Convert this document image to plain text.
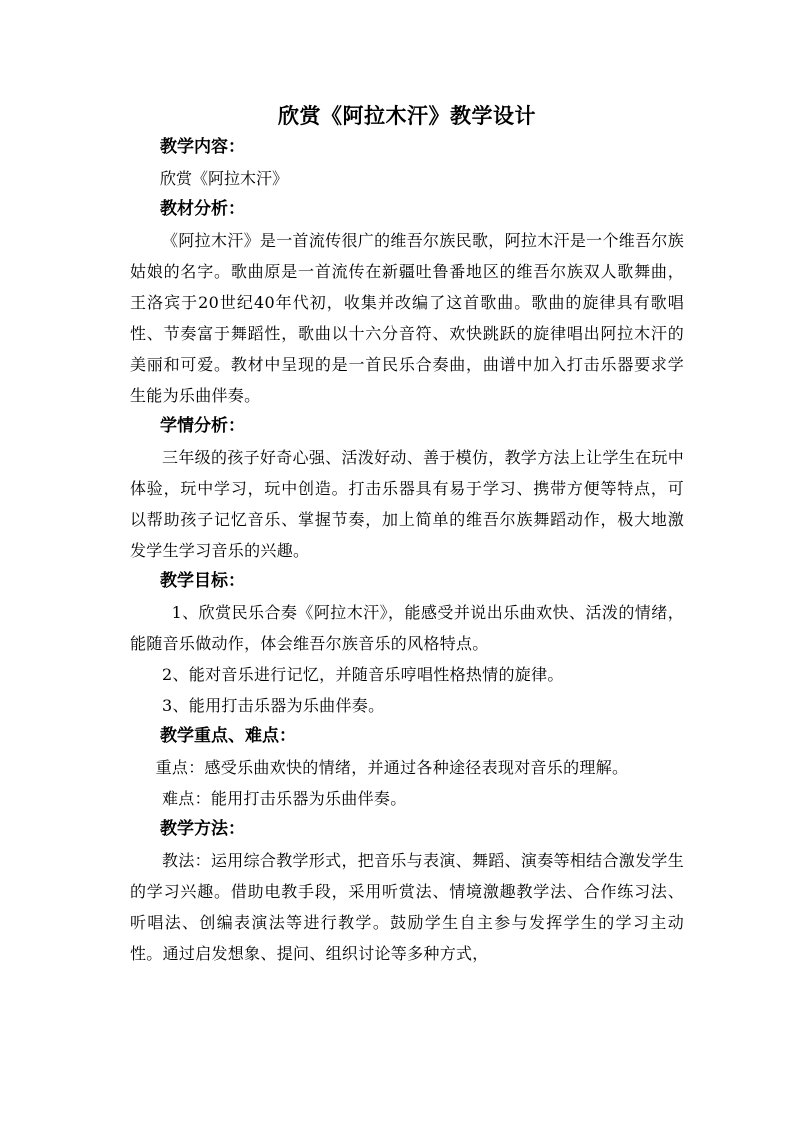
欣赏《阿拉木汗》教学设计

教学内容：

欣赏《阿拉木汗》

教材分析：

《阿拉木汗》是一首流传很广的维吾尔族民歌，阿拉木汗是一个维吾尔族姑娘的名字。歌曲原是一首流传在新疆吐鲁番地区的维吾尔族双人歌舞曲，王洛宾于20世纪40年代初，收集并改编了这首歌曲。歌曲的旋律具有歌唱性、节奏富于舞蹈性，歌曲以十六分音符、欢快跳跃的旋律唱出阿拉木汗的美丽和可爱。教材中呈现的是一首民乐合奏曲，曲谱中加入打击乐器要求学生能为乐曲伴奏。

学情分析：

三年级的孩子好奇心强、活泼好动、善于模仿，教学方法上让学生在玩中体验，玩中学习，玩中创造。打击乐器具有易于学习、携带方便等特点，可以帮助孩子记忆音乐、掌握节奏，加上简单的维吾尔族舞蹈动作，极大地激发学生学习音乐的兴趣。

教学目标：

1、欣赏民乐合奏《阿拉木汗》，能感受并说出乐曲欢快、活泼的情绪，能随音乐做动作，体会维吾尔族音乐的风格特点。

2、能对音乐进行记忆，并随音乐哼唱性格热情的旋律。

3、能用打击乐器为乐曲伴奏。

教学重点、难点：

重点：感受乐曲欢快的情绪，并通过各种途径表现对音乐的理解。

难点：能用打击乐器为乐曲伴奏。

教学方法：

教法：运用综合教学形式，把音乐与表演、舞蹈、演奏等相结合激发学生的学习兴趣。借助电教手段，采用听赏法、情境激趣教学法、合作练习法、听唱法、创编表演法等进行教学。鼓励学生自主参与发挥学生的学习主动性。通过启发想象、提问、组织讨论等多种方式，
